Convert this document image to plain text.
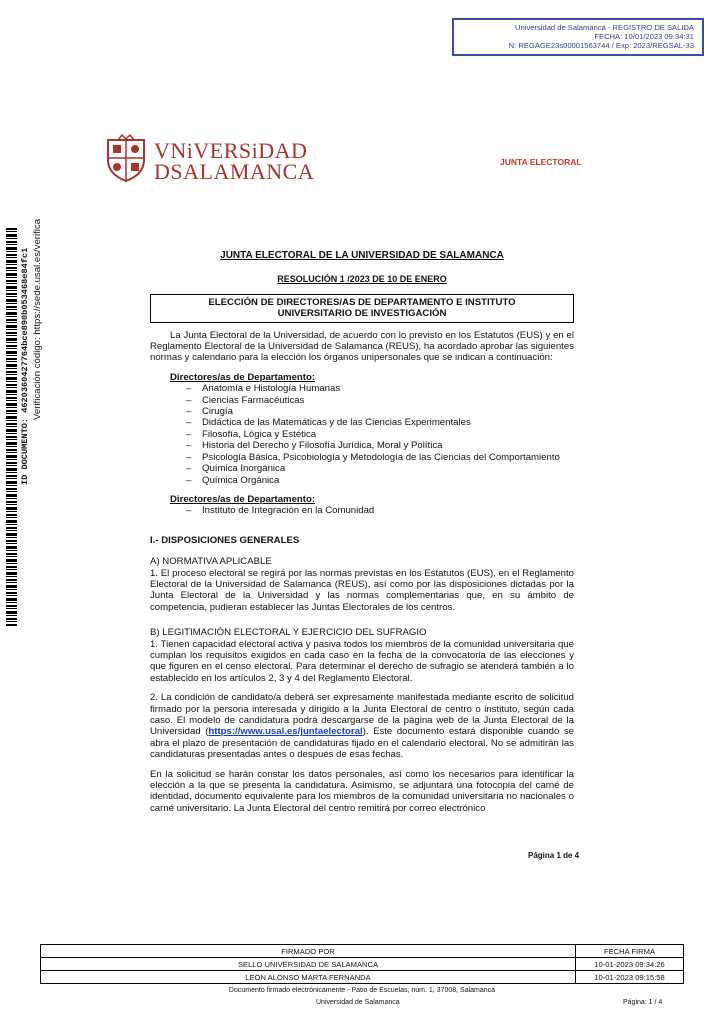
Universidad de Salamanca - REGISTRO DE SALIDA
FECHA: 10/01/2023 09:34:31
N: REGAGE23s00001563744 / Exp: 2023/REGSAL-33
ID DOCUMENTO: 4620360427764bce890b053468e84fc1 Verificación código: https://sede.usal.es/verifica
VNiVERSiDAD
DSALAMANCA	JUNTA ELECTORAL
JUNTA ELECTORAL DE LA UNIVERSIDAD DE SALAMANCA
RESOLUCIÓN 1 /2023 DE 10 DE ENERO
ELECCIÓN DE DIRECTORES/AS DE DEPARTAMENTO E INSTITUTO
UNIVERSITARIO DE INVESTIGACIÓN

La Junta Electoral de la Universidad, de acuerdo con lo previsto en los Estatutos (EUS) y en el Reglamento Electoral de la Universidad de Salamanca (REUS), ha acordado aprobar las siguientes normas y calendario para la elección los órganos unipersonales que se indican a continuación:

Directores/as de Departamento:
– Anatomía e Histología Humanas
– Ciencias Farmacéuticas
– Cirugía
– Didáctica de las Matemáticas y de las Ciencias Experimentales
– Filosofía, Lógica y Estética
– Historia del Derecho y Filosofía Jurídica, Moral y Política
– Psicología Básica, Psicobiología y Metodología de las Ciencias del Comportamiento
– Química Inorgánica
– Química Orgánica
Directores/as de Departamento:
– Instituto de Integración en la Comunidad
I.- DISPOSICIONES GENERALES
A) NORMATIVA APLICABLE

1. El proceso electoral se regirá por las normas previstas en los Estatutos (EUS), en el Reglamento Electoral de la Universidad de Salamanca (REUS), así como por las disposiciones dictadas por la Junta Electoral de la Universidad y las normas complementarias que, en su ámbito de competencia, pudieran establecer las Juntas Electorales de los centros.

B) LEGITIMACIÓN ELECTORAL Y EJERCICIO DEL SUFRAGIO

1. Tienen capacidad electoral activa y pasiva todos los miembros de la comunidad universitaria que cumplan los requisitos exigidos en cada caso en la fecha de la convocatoria de las elecciones y que figuren en el censo electoral. Para determinar el derecho de sufragio se atenderá también a lo establecido en los artículos 2, 3 y 4 del Reglamento Electoral.

2. La condición de candidato/a deberá ser expresamente manifestada mediante escrito de solicitud firmado por la persona interesada y dirigido a la Junta Electoral de centro o instituto, según cada caso. El modelo de candidatura podrá descargarse de la página web de la Junta Electoral de la Universidad (https://www.usal.es/juntaelectoral). Este documento estará disponible cuando se abra el plazo de presentación de candidaturas fijado en el calendario electoral. No se admitirán las candidaturas presentadas antes o después de esas fechas.

En la solicitud se harán constar los datos personales, así como los necesarios para identificar la elección a la que se presenta la candidatura. Asimismo, se adjuntará una fotocopia del carné de identidad, documento equivalente para los miembros de la comunidad universitaria no nacionales o carné universitario. La Junta Electoral del centro remitirá por correo electrónico

Página 1 de 4
FIRMADO POR	FECHA FIRMA
SELLO UNIVERSIDAD DE SALAMANCA	10-01-2023 09:34:26
LEON ALONSO MARTA FERNANDA	10-01-2023 09:15:58
Documento firmado electrónicamente - Patio de Escuelas, núm. 1, 37008, Salamanca
Universidad de Salamanca	Página: 1 / 4
